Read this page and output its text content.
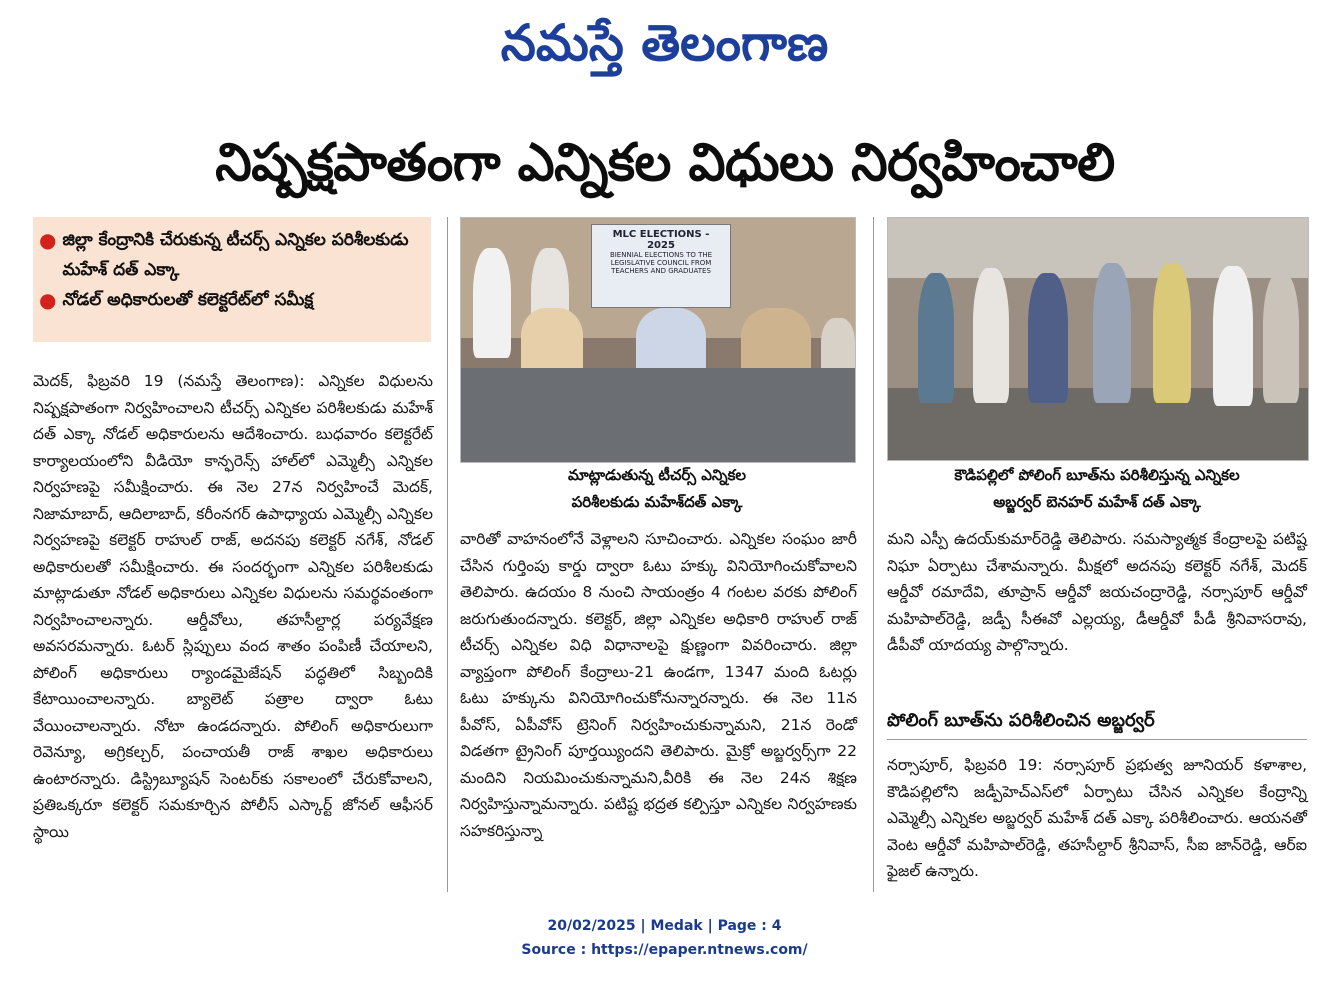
నమస్తే తెలంగాణ
నిష్పక్షపాతంగా ఎన్నికల విధులు నిర్వహించాలి
● జిల్లా కేంద్రానికి చేరుకున్న టీచర్స్ ఎన్నికల పరిశీలకుడు మహేశ్ దత్ ఎక్కా
● నోడల్ అధికారులతో కలెక్టరేట్‌లో సమీక్ష
MLC ELECTIONS -
2025
BIENNIAL ELECTIONS TO THE LEGISLATIVE COUNCIL FROM TEACHERS AND GRADUATES
మాట్లాడుతున్న టీచర్స్ ఎన్నికల
పరిశీలకుడు మహేశ్‌దత్ ఎక్కా
కౌడిపల్లిలో పోలింగ్ బూత్‌ను పరిశీలిస్తున్న ఎన్నికల
అబ్జర్వర్ బెనహర్ మహేశ్ దత్ ఎక్కా

మెదక్, ఫిబ్రవరి 19 (నమస్తే తెలంగాణ): ఎన్నికల విధులను నిష్పక్షపాతంగా నిర్వహించాలని టీచర్స్ ఎన్నికల పరిశీలకుడు మహేశ్ దత్ ఎక్కా నోడల్ అధికారులను ఆదేశించారు. బుధవారం కలెక్టరేట్ కార్యాలయంలోని వీడియో కాన్ఫరెన్స్ హాల్‌లో ఎమ్మెల్సీ ఎన్నికల నిర్వహణపై సమీక్షించారు. ఈ నెల 27న నిర్వహించే మెదక్, నిజామాబాద్, ఆదిలాబాద్, కరీంనగర్ ఉపాధ్యాయ ఎమ్మెల్సీ ఎన్నికల నిర్వహణపై కలెక్టర్ రాహుల్ రాజ్, అదనపు కలెక్టర్ నగేశ్, నోడల్ అధికారులతో సమీక్షించారు. ఈ సందర్భంగా ఎన్నికల పరిశీలకుడు మాట్లాడుతూ నోడల్ అధికారులు ఎన్నికల విధులను సమర్థవంతంగా నిర్వహించాలన్నారు. ఆర్డీవోలు, తహసీల్దార్ల పర్యవేక్షణ అవసరమన్నారు. ఓటర్ స్లిప్పులు వంద శాతం పంపిణీ చేయాలని, పోలింగ్ అధికారులు ర్యాండమైజేషన్ పద్ధతిలో సిబ్బందికి కేటాయించాలన్నారు. బ్యాలెట్ పత్రాల ద్వారా ఓటు వేయించాలన్నారు. నోటా ఉండదన్నారు. పోలింగ్ అధికారులుగా రెవెన్యూ, అగ్రికల్చర్, పంచాయతీ రాజ్ శాఖల అధికారులు ఉంటారన్నారు. డిస్ట్రిబ్యూషన్ సెంటర్‌కు సకాలంలో చేరుకోవాలని, ప్రతిఒక్కరూ కలెక్టర్ సమకూర్చిన పోలీస్ ఎస్కార్ట్ జోనల్ ఆఫీసర్ స్థాయి

వారితో వాహనంలోనే వెళ్లాలని సూచించారు. ఎన్నికల సంఘం జారీ చేసిన గుర్తింపు కార్డు ద్వారా ఓటు హక్కు వినియోగించుకోవాలని తెలిపారు. ఉదయం 8 నుంచి సాయంత్రం 4 గంటల వరకు పోలింగ్ జరుగుతుందన్నారు. కలెక్టర్, జిల్లా ఎన్నికల అధికారి రాహుల్ రాజ్ టీచర్స్ ఎన్నికల విధి విధానాలపై క్షుణ్ణంగా వివరించారు. జిల్లా వ్యాప్తంగా పోలింగ్ కేంద్రాలు-21 ఉండగా, 1347 మంది ఓటర్లు ఓటు హక్కును వినియోగించుకోనున్నారన్నారు. ఈ నెల 11న పీవోస్, ఏపీవోస్ ట్రెనింగ్ నిర్వహించుకున్నామని, 21న రెండో విడతగా ట్రైనింగ్ పూర్తయ్యిందని తెలిపారు. మైక్రో అబ్జర్వర్స్‌గా 22 మందిని నియమించుకున్నామని,వీరికి ఈ నెల 24న శిక్షణ నిర్వహిస్తున్నామన్నారు. పటిష్ట భద్రత కల్పిస్తూ ఎన్నికల నిర్వహణకు సహకరిస్తున్నా

మని ఎస్పీ ఉదయ్‌కుమార్‌రెడ్డి తెలిపారు. సమస్యాత్మక కేంద్రాలపై పటిష్ట నిఘా ఏర్పాటు చేశామన్నారు. మీక్షలో అదనపు కలెక్టర్ నగేశ్, మెదక్ ఆర్డీవో రమాదేవి, తూప్రాన్ ఆర్డీవో జయచంద్రారెడ్డి, నర్సాపూర్ ఆర్డీవో మహిపాల్‌రెడ్డి, జడ్పీ సీఈవో ఎల్లయ్య, డీఆర్డీవో పీడీ శ్రీనివాసరావు, డీపీవో యాదయ్య పాల్గొన్నారు.

పోలింగ్ బూత్‌ను పరిశీలించిన అబ్జర్వర్

నర్సాపూర్, ఫిబ్రవరి 19: నర్సాపూర్ ప్రభుత్వ జూనియర్ కళాశాల, కౌడిపల్లిలోని జడ్పీహెచ్‌ఎస్‌లో ఏర్పాటు చేసిన ఎన్నికల కేంద్రాన్ని ఎమ్మెల్సీ ఎన్నికల అబ్జర్వర్ మహేశ్ దత్ ఎక్కా పరిశీలించారు. ఆయనతో వెంట ఆర్డీవో మహిపాల్‌రెడ్డి, తహసీల్దార్ శ్రీనివాస్, సీఐ జాన్‌రెడ్డి, ఆర్ఐ ఫైజల్ ఉన్నారు.

20/02/2025 | Medak | Page : 4
Source : https://epaper.ntnews.com/
